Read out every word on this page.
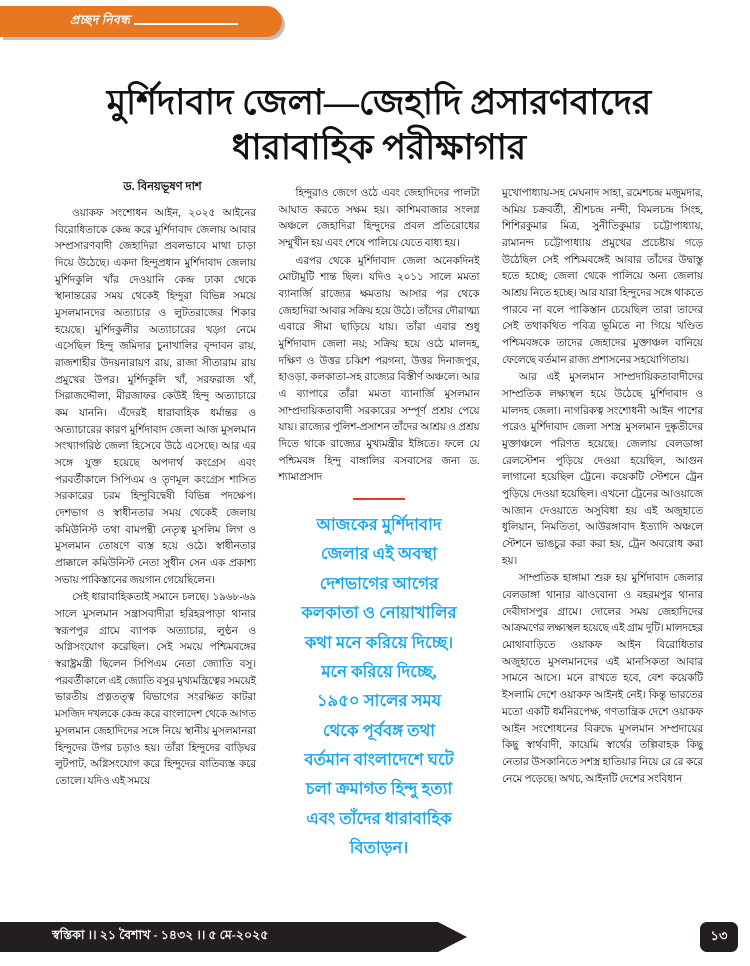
প্রচ্ছদ নিবন্ধ
মুর্শিদাবাদ জেলা—জেহাদি প্রসারণবাদের
ধারাবাহিক পরীক্ষাগার
ড. বিনয়ভূষণ দাশ

ওয়াকফ সংশোধন আইন, ২০২৫ আইনের বিরোধিতাকে কেন্দ্র করে মুর্শিদাবাদ জেলায় আবার সম্প্রসারণবাদী জেহাদিরা প্রবলভাবে মাথা চাড়া দিয়ে উঠেছে। একদা হিন্দুপ্রধান মুর্শিদাবাদ জেলায় মুর্শিদকুলি খাঁর দেওয়ানি কেন্দ্র ঢাকা থেকে স্থানান্তরের সময় থেকেই হিন্দুরা বিভিন্ন সময়ে মুসলমানদের অত্যাচার ও লুটতরাজের শিকার হয়েছে। মুর্শিদকুলীর অত্যাচারের খড়্গ নেমে এসেছিল হিন্দু জমিদার চুনাখালির বৃন্দাবন রায়, রাজশাহীর উদয়নারায়ণ রায়, রাজা সীতারাম রায় প্রমুখের উপর। মুর্শিদকুলি খাঁ, সরফরাজ খাঁ, সিরাজদ্দৌলা, মীরজাফর কেউই হিন্দু অত্যাচারে কম যাননি। এঁদেরই ধারাবাহিক ধর্মান্তর ও অত্যাচারের কারণ মুর্শিদাবাদ জেলা আজ মুসলমান সংখ্যাগরিষ্ঠ জেলা হিসেবে উঠে এসেছে। আর এর সঙ্গে যুক্ত হয়েছে অপদার্থ কংগ্রেস এবং পরবর্তীকালে সিপিএম ও তৃণমূল কংগ্রেস শাসিত সরকারের চরম হিন্দুবিদ্বেষী বিভিন্ন পদক্ষেপ। দেশভাগ ও স্বাধীনতার সময় থেকেই জেলায় কমিউনিস্ট তথা বামপন্থী নেতৃত্ব মুসলিম লিগ ও মুসলমান তোষণে ব্যস্ত হয়ে ওঠে। স্বাধীনতার প্রাক্কালে কমিউনিস্ট নেতা সুধীন সেন এক প্রকাশ্য সভায় পাকিস্তানের জয়গান গেয়েছিলেন।

সেই ধারাবাহিকতাই সমানে চলছে। ১৯৬৮-৬৯ সালে মুসলমান সন্ত্রাসবাদীরা হরিহরপাড়া থানার স্বরূপপুর গ্রামে ব্যাপক অত্যাচার, লুণ্ঠন ও অগ্নিসংযোগ করেছিল। সেই সময়ে পশ্চিমবঙ্গের স্বরাষ্ট্রমন্ত্রী ছিলেন সিপিএম নেতা জ্যোতি বসু। পরবর্তীকালে এই জ্যোতি বসুর মুখ্যমন্ত্রিত্বের সময়েই ভারতীয় প্রত্নতত্ত্ব বিভাগের সংরক্ষিত কাটরা মসজিদ দখলকে কেন্দ্র করে বাংলাদেশ থেকে আগত মুসলমান জেহাদিদের সঙ্গে নিয়ে স্থানীয় মুসলমানরা হিন্দুদের উপর চড়াও হয়। তাঁরা হিন্দুদের বাড়িঘর লুটপাট, অগ্নিসংযোগ করে হিন্দুদের বাতিব্যস্ত করে তোলে। যদিও এই সময়ে

হিন্দুরাও জেগে ওঠে এবং জেহাদিদের পালটা আঘাত করতে সক্ষম হয়। কাশিমবাজার সংলগ্ন অঞ্চলে জেহাদিরা হিন্দুদের প্রবল প্রতিরোধের সম্মুখীন হয় এবং শেষে পালিয়ে যেতে বাধ্য হয়।

এরপর থেকে মুর্শিদাবাদ জেলা অনেকদিনই মোটামুটি শান্ত ছিল। যদিও ২০১১ সালে মমতা ব্যানার্জি রাজ্যের ক্ষমতায় আসার পর থেকে জেহাদিরা আবার সক্রিয় হয়ে উঠে। তাঁদের দৌরাত্ম্য এবারে সীমা ছাড়িয়ে যায়। তাঁরা এবার শুধু মুর্শিদাবাদ জেলা নয়; সক্রিয় হয়ে ওঠে মালদহ, দক্ষিণ ও উত্তর চব্বিশ পরগনা, উত্তর দিনাজপুর, হাওড়া, কলকাতা-সহ রাজ্যের বিস্তীর্ণ অঞ্চলে। আর এ ব্যাপারে তাঁরা মমতা ব্যানার্জি মুসলমান সাম্প্রদায়িকতাবাদী সরকারের সম্পূর্ণ প্রশ্রয় পেয়ে যায়। রাজ্যের পুলিশ-প্রসাশন তাঁদের আশ্রয় ও প্রশ্রয় দিতে থাকে রাজ্যের মুখ্যমন্ত্রীর ইঙ্গিতে। ফলে যে পশ্চিমবঙ্গ হিন্দু বাঙ্গালির বসবাসের জন্য ড. শ্যামাপ্রসাদ

আজকের মুর্শিদাবাদ
জেলার এই অবস্থা
দেশভাগের আগের
কলকাতা ও নোয়াখালির
কথা মনে করিয়ে দিচ্ছে।
মনে করিয়ে দিচ্ছে,
১৯৫০ সালের সময
থেকে পূর্ববঙ্গ তথা
বর্তমান বাংলাদেশে ঘটে
চলা ক্রমাগত হিন্দু হত্যা
এবং তাঁদের ধারাবাহিক
বিতাড়ন।

মুখোপাধ্যায়-সহ মেঘনাদ সাহা, রমেশচন্দ্র মজুমদার, অমিয় চক্রবর্তী, শ্রীশচন্দ্র নন্দী, বিমলচন্দ্র সিংহ, শিশিরকুমার মিত্র, সুনীতিকুমার চট্টোপাধ্যায়, রামানন্দ চট্টোপাধ্যায় প্রমুখের প্রচেষ্টায় গড়ে উঠেছিল সেই পশ্চিমবঙ্গেই আবার তাঁদের উদ্বাস্তু হতে হচ্ছে; জেলা থেকে পালিয়ে অন্য জেলায় আশ্রয় নিতে হচ্ছে। আর যারা হিন্দুদের সঙ্গে থাকতে পারবে না বলে পাকিস্তান চেয়েছিল তারা তাদের সেই তথাকথিত পবিত্র ভূমিতে না গিয়ে খণ্ডিত পশ্চিমবঙ্গকে তাদের জেহাদের মুক্তাঞ্চল বানিয়ে ফেলেছে বর্তমান রাজ্য প্রশাসনের সহযোগিতায়।

আর এই মুসলমান সাম্প্রদায়িকতাবাদীদের সাম্প্রতিক লক্ষ্যস্থল হয়ে উঠেছে মুর্শিদাবাদ ও মালদহ জেলা। নাগরিকত্ব সংশোধনী আইন পাশের পরেও মুর্শিদাবাদ জেলা সশস্ত্র মুসলমান দুষ্কৃতীদের মুক্তাঞ্চলে পরিণত হয়েছে। জেলায় বেলডাঙ্গা রেলস্টেশন পুড়িয়ে দেওয়া হয়েছিল, আগুন লাগানো হয়েছিল ট্রেনে। কয়েকটি স্টেশনে ট্রেন পুড়িয়ে দেওয়া হয়েছিল। এখনো ট্রেনের আওয়াজে আজান দেওয়াতে অসুবিধা হয় এই অজুহাতে ধুলিয়ান, নিমতিতা, আউরঙ্গাবাদ ইত্যাদি অঞ্চলে স্টেশনে ভাঙচুর করা করা হয়, ট্রেন অবরোধ করা হয়।

সাম্প্রতিক হাঙ্গামা শুরু হয় মুর্শিদাবাদ জেলার বেলডাঙ্গা থানার ঝাওবোনা ও বহরমপুর থানার দেবীদাসপুর গ্রামে। দোলের সময় জেহাদিদের আক্রমণের লক্ষ্যস্থল হয়েছে এই গ্রাম দুটি। মালদহের মোথাবাড়িতে ওয়াকফ আইন বিরোধিতার অজুহাতে মুসলমানদের এই মানসিকতা আবার সামনে আসে। মনে রাখতে হবে, বেশ কয়েকটি ইসলামি দেশে ওয়াকফ আইনই নেই। কিন্তু ভারতের মতো একটি ধর্মনিরপেক্ষ, গণতান্ত্রিক দেশে ওয়াকফ আইন সংশোধনের বিরুদ্ধে মুসলমান সম্প্রদায়ের কিছু স্বার্থবাদী, কায়েমি স্বার্থের তল্পিবাহক কিছু নেতার উসকানিতে সশস্ত্র হাতিয়ার নিয়ে রে রে করে নেমে পড়েছে। অথচ, আইনটি দেশের সংবিধান

স্বস্তিকা ।। ২১ বৈশাখ - ১৪৩২ ।। ৫ মে-২০২৫	১৩
